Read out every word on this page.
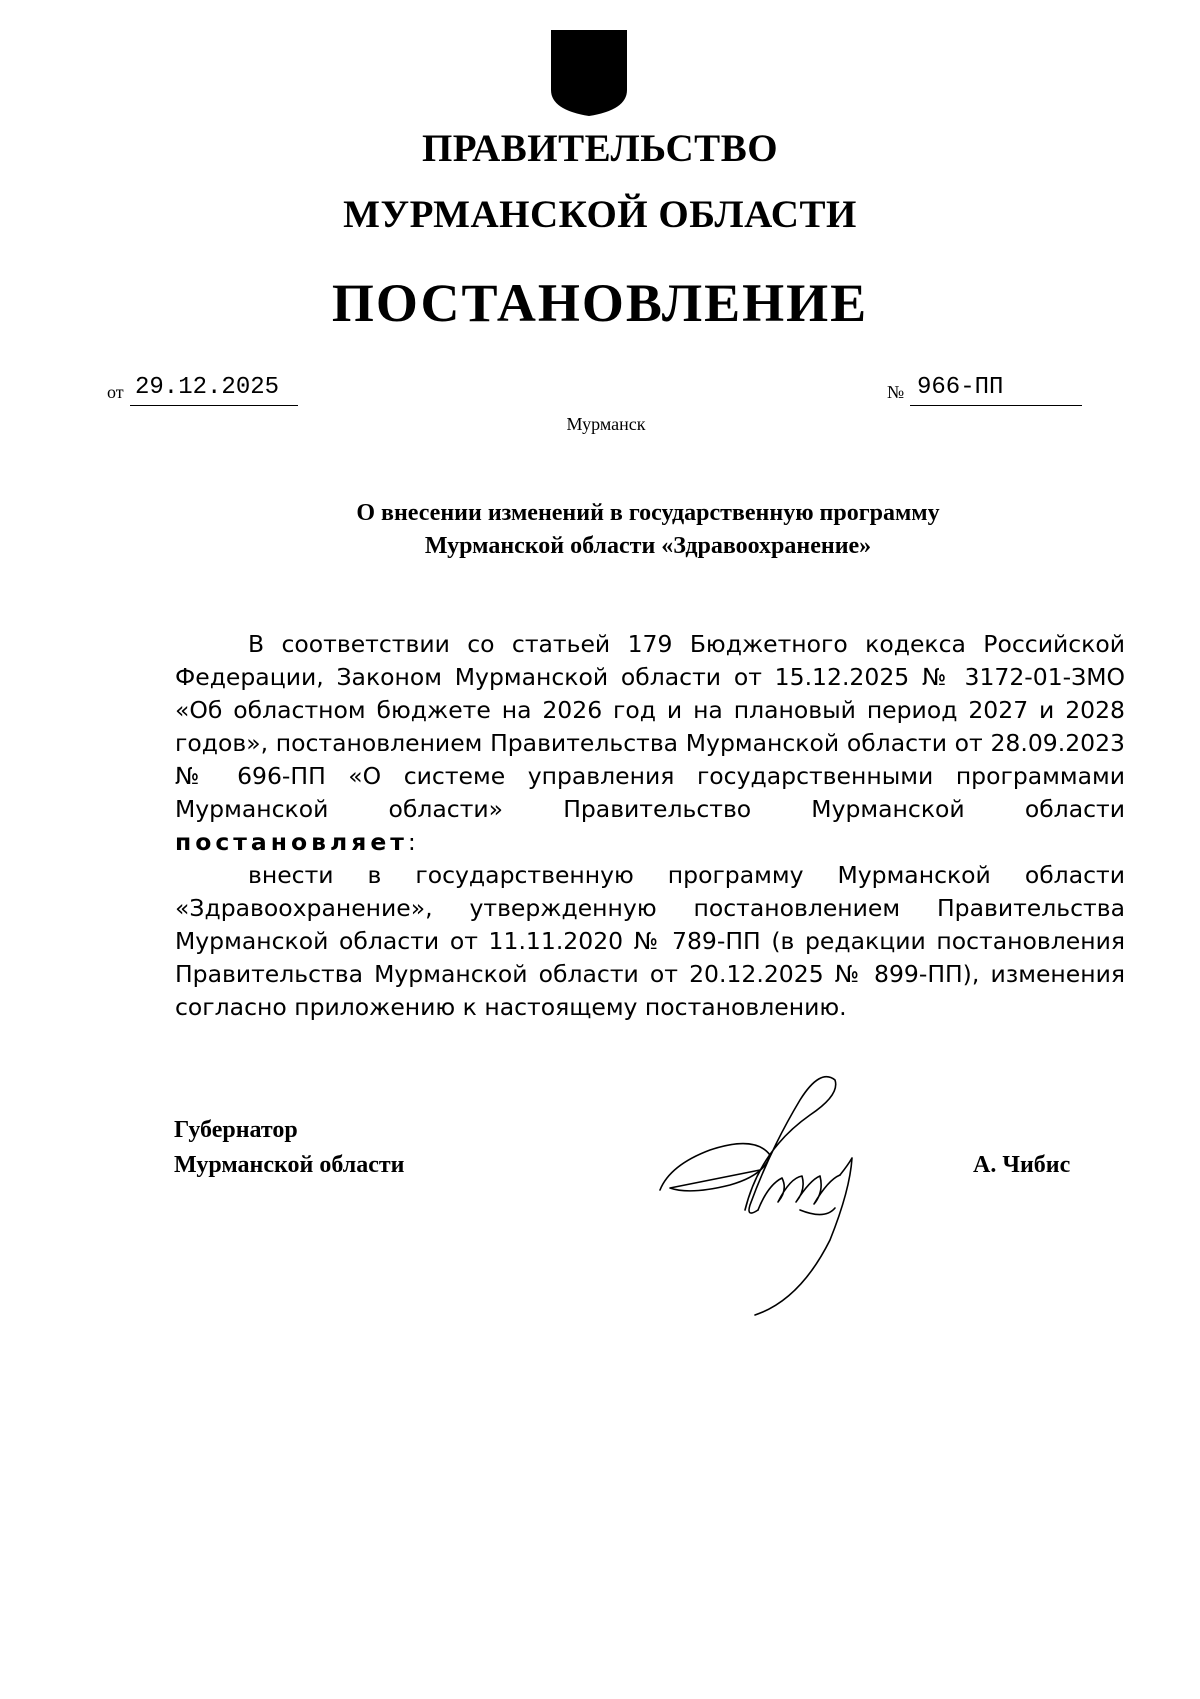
ПРАВИТЕЛЬСТВО
МУРМАНСКОЙ ОБЛАСТИ
ПОСТАНОВЛЕНИЕ
от 29.12.2025	№ 966-ПП
Мурманск
О внесении изменений в государственную программу
Мурманской области «Здравоохранение»
В соответствии со статьей 179 Бюджетного кодекса Российской
Федерации, Законом Мурманской области от 15.12.2025 № 3172-01-ЗМО
«Об областном бюджете на 2026 год и на плановый период 2027 и 2028
годов», постановлением Правительства Мурманской области от 28.09.2023
№ 696-ПП «О системе управления государственными программами
Мурманской области» Правительство Мурманской области
постановляет:
внести в государственную программу Мурманской области
«Здравоохранение», утвержденную постановлением Правительства
Мурманской области от 11.11.2020 № 789-ПП (в редакции постановления
Правительства Мурманской области от 20.12.2025 № 899-ПП), изменения
согласно приложению к настоящему постановлению.
Губернатор
Мурманской области	А. Чибис
